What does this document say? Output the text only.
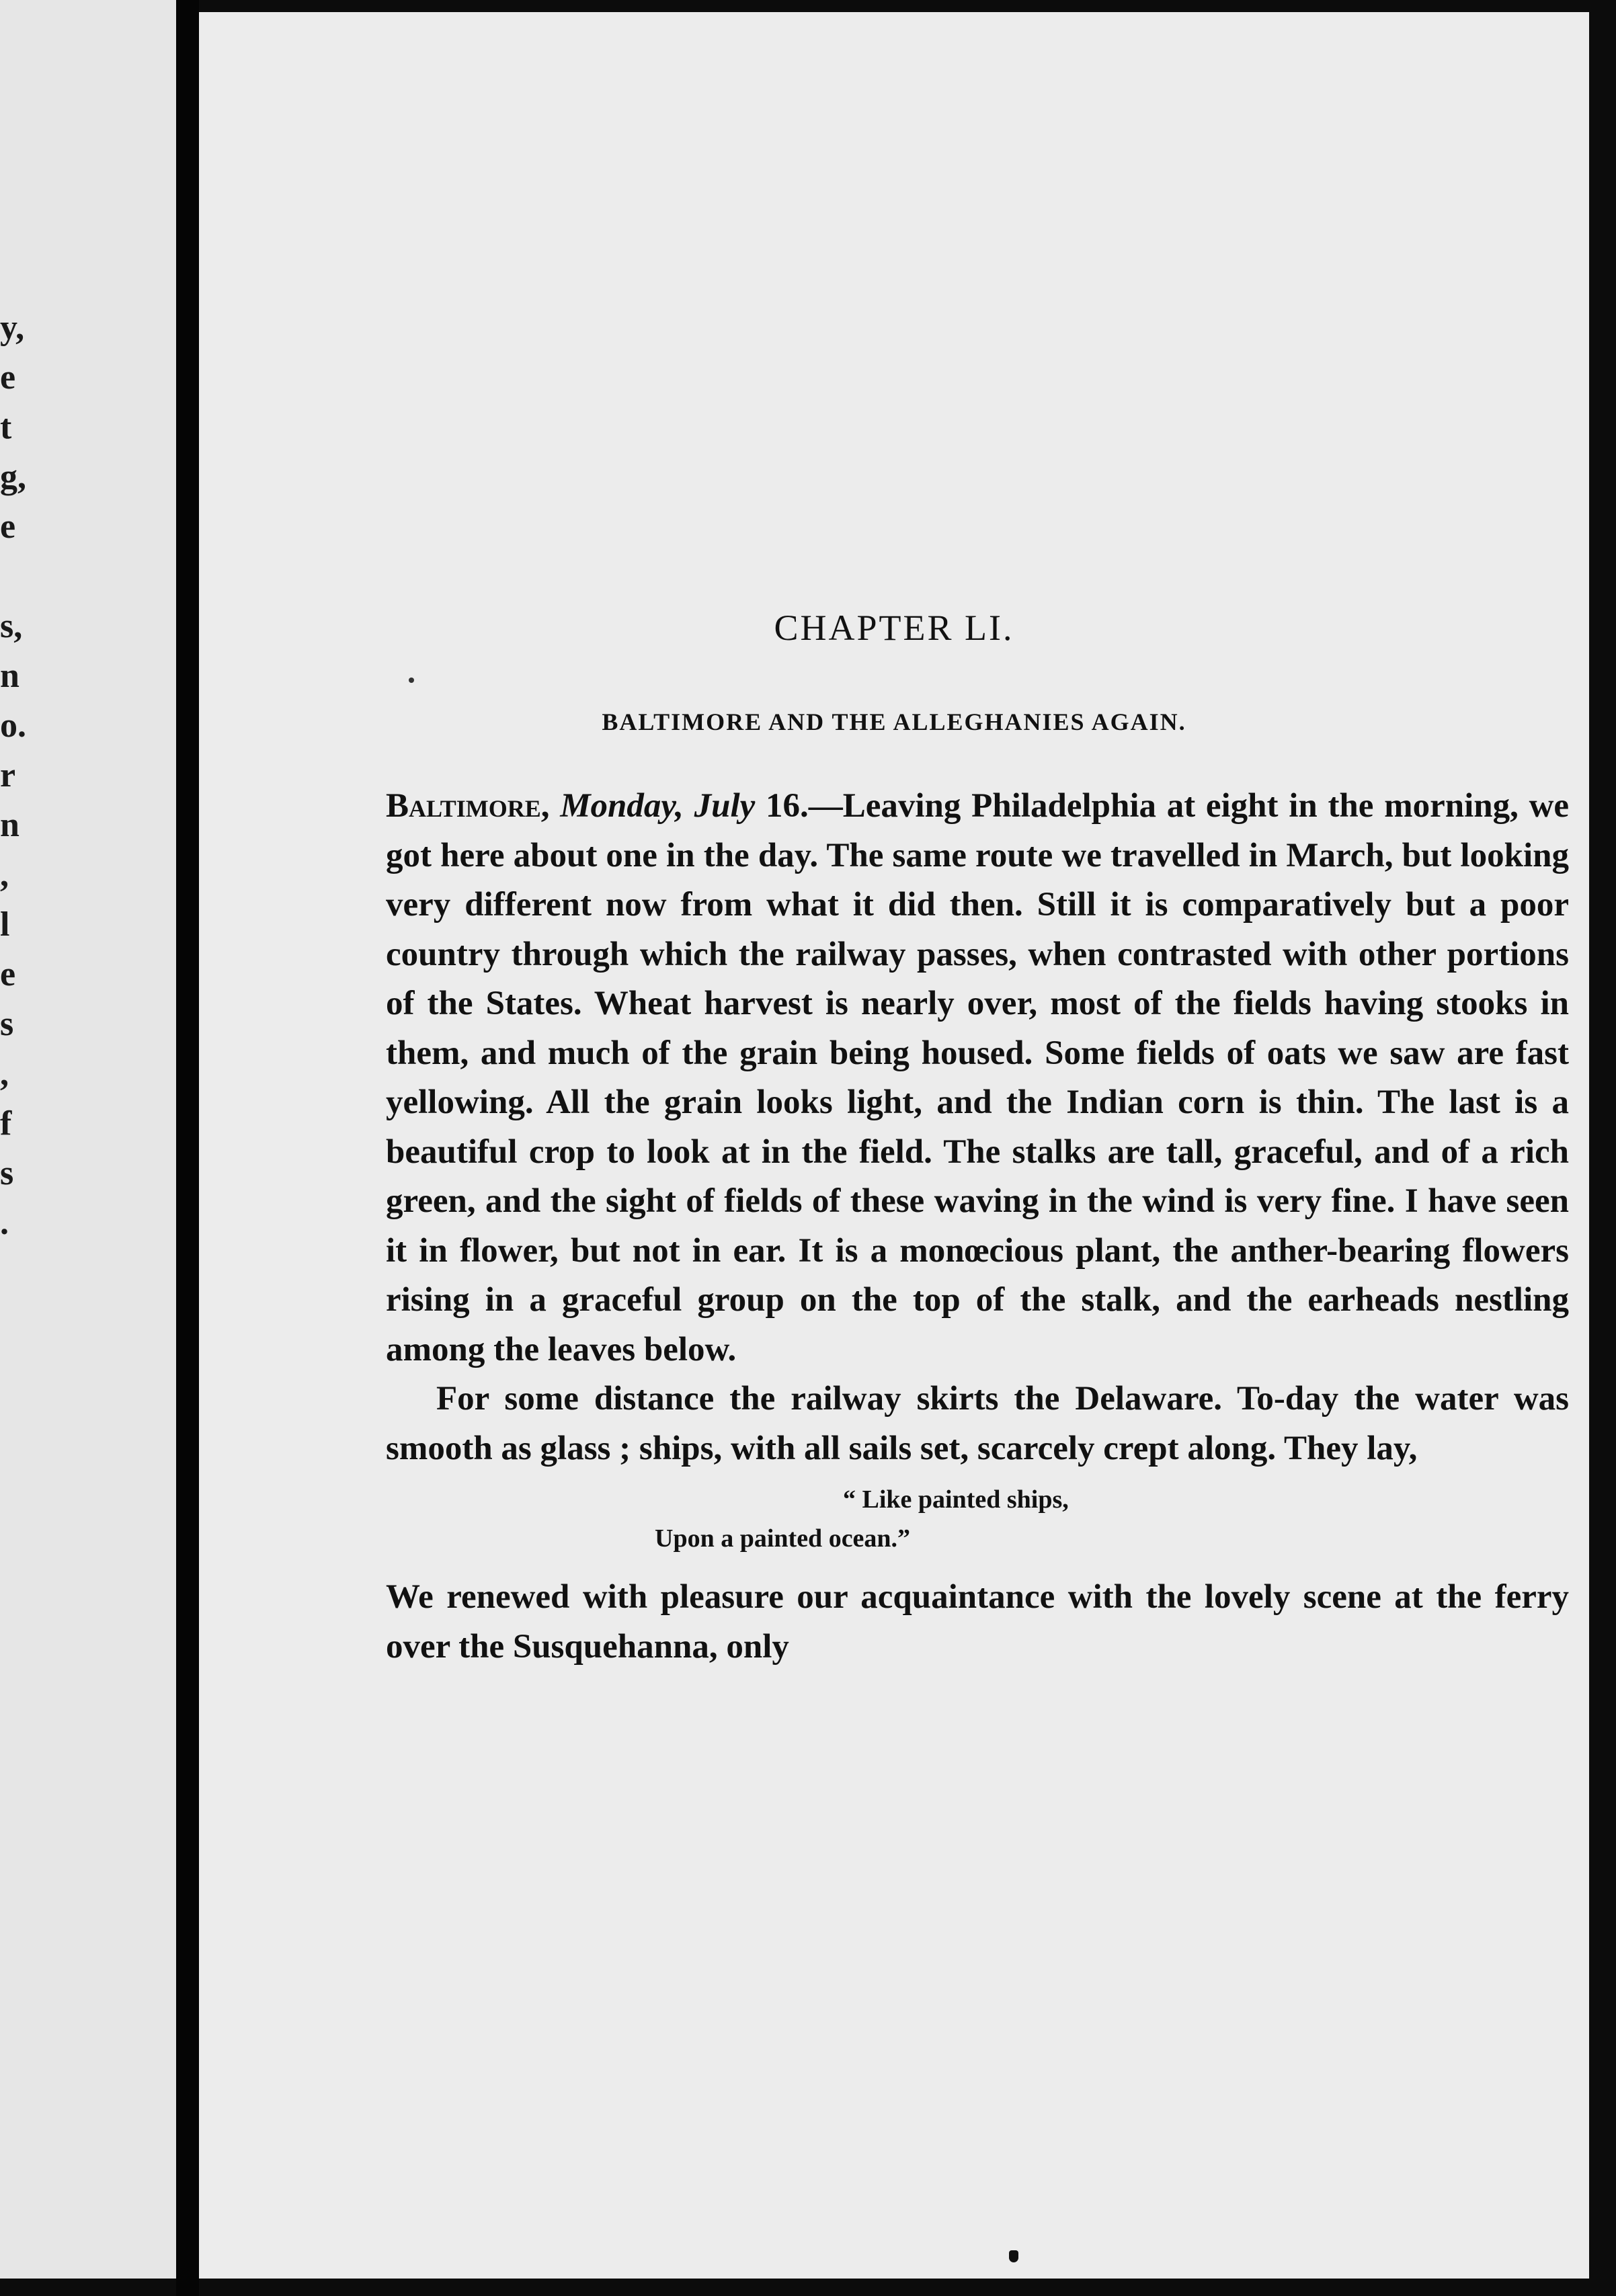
y,
e
t
g,
e
s,
n
o.
r
n
,
l
e
s
,
f
s
.

CHAPTER LI.
BALTIMORE AND THE ALLEGHANIES AGAIN.

Baltimore, Monday, July 16.—Leaving Philadelphia at eight in the morning, we got here about one in the day. The same route we travelled in March, but looking very different now from what it did then. Still it is comparatively but a poor country through which the railway passes, when contrasted with other portions of the States. Wheat harvest is nearly over, most of the fields having stooks in them, and much of the grain being housed. Some fields of oats we saw are fast yellowing. All the grain looks light, and the Indian corn is thin. The last is a beautiful crop to look at in the field. The stalks are tall, graceful, and of a rich green, and the sight of fields of these waving in the wind is very fine. I have seen it in flower, but not in ear. It is a monœcious plant, the anther-bearing flowers rising in a graceful group on the top of the stalk, and the earheads nestling among the leaves below.

For some distance the railway skirts the Delaware. To-day the water was smooth as glass ; ships, with all sails set, scarcely crept along. They lay,

“ Like painted ships,
Upon a painted ocean.”

We renewed with pleasure our acquaintance with the lovely scene at the ferry over the Susquehanna, only
